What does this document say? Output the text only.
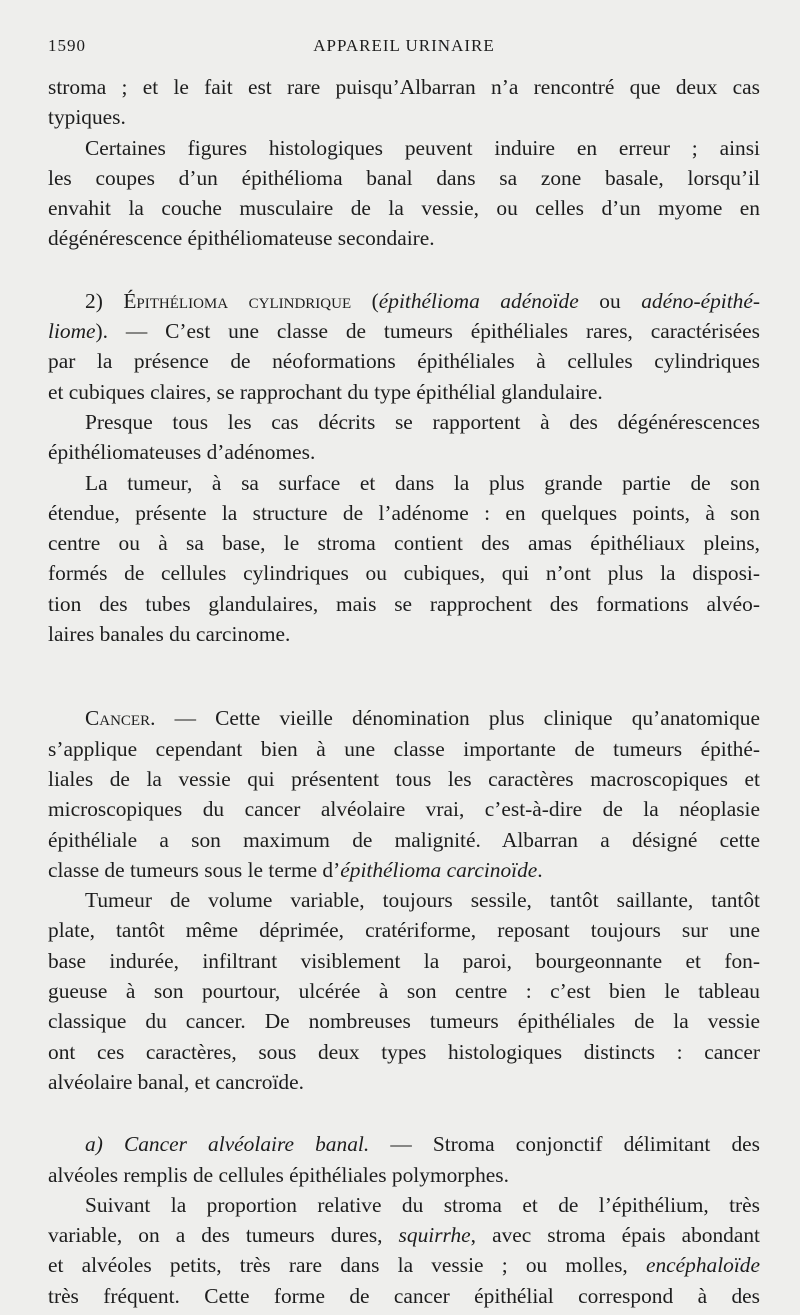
1590	APPAREIL URINAIRE

stroma ; et le fait est rare puisqu’Albarran n’a rencontré que deux cas

typiques.

Certaines figures histologiques peuvent induire en erreur ; ainsi

les coupes d’un épithélioma banal dans sa zone basale, lorsqu’il

envahit la couche musculaire de la vessie, ou celles d’un myome en

dégénérescence épithéliomateuse secondaire.

2) Épithélioma cylindrique (épithélioma adénoïde ou adéno-épithé-

liome). — C’est une classe de tumeurs épithéliales rares, caractérisées

par la présence de néoformations épithéliales à cellules cylindriques

et cubiques claires, se rapprochant du type épithélial glandulaire.

Presque tous les cas décrits se rapportent à des dégénérescences

épithéliomateuses d’adénomes.

La tumeur, à sa surface et dans la plus grande partie de son

étendue, présente la structure de l’adénome : en quelques points, à son

centre ou à sa base, le stroma contient des amas épithéliaux pleins,

formés de cellules cylindriques ou cubiques, qui n’ont plus la disposi-

tion des tubes glandulaires, mais se rapprochent des formations alvéo-

laires banales du carcinome.

Cancer. — Cette vieille dénomination plus clinique qu’anatomique

s’applique cependant bien à une classe importante de tumeurs épithé-

liales de la vessie qui présentent tous les caractères macroscopiques et

microscopiques du cancer alvéolaire vrai, c’est-à-dire de la néoplasie

épithéliale a son maximum de malignité. Albarran a désigné cette

classe de tumeurs sous le terme d’épithélioma carcinoïde.

Tumeur de volume variable, toujours sessile, tantôt saillante, tantôt

plate, tantôt même déprimée, cratériforme, reposant toujours sur une

base indurée, infiltrant visiblement la paroi, bourgeonnante et fon-

gueuse à son pourtour, ulcérée à son centre : c’est bien le tableau

classique du cancer. De nombreuses tumeurs épithéliales de la vessie

ont ces caractères, sous deux types histologiques distincts : cancer

alvéolaire banal, et cancroïde.

a) Cancer alvéolaire banal. — Stroma conjonctif délimitant des

alvéoles remplis de cellules épithéliales polymorphes.

Suivant la proportion relative du stroma et de l’épithélium, très

variable, on a des tumeurs dures, squirrhe, avec stroma épais abondant

et alvéoles petits, très rare dans la vessie ; ou molles, encéphaloïde

très fréquent. Cette forme de cancer épithélial correspond à des
